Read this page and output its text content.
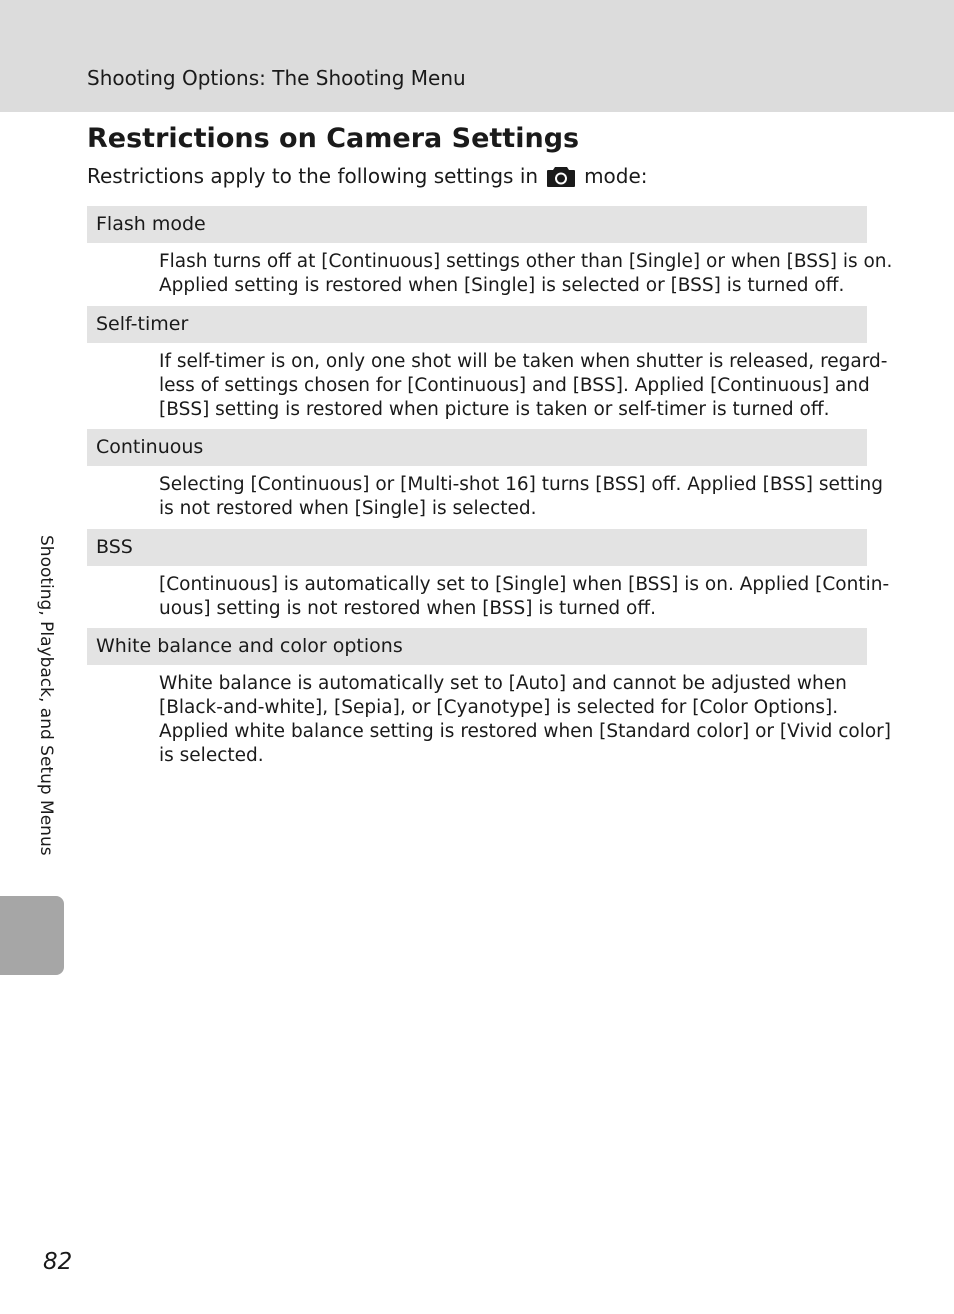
Shooting Options: The Shooting Menu
Restrictions on Camera Settings
Restrictions apply to the following settings in mode:
Flash mode
Flash turns off at [Continuous] settings other than [Single] or when [BSS] is on.
Applied setting is restored when [Single] is selected or [BSS] is turned off.
Self-timer
If self-timer is on, only one shot will be taken when shutter is released, regard-
less of settings chosen for [Continuous] and [BSS]. Applied [Continuous] and
[BSS] setting is restored when picture is taken or self-timer is turned off.
Continuous
Selecting [Continuous] or [Multi-shot 16] turns [BSS] off. Applied [BSS] setting
is not restored when [Single] is selected.
BSS
[Continuous] is automatically set to [Single] when [BSS] is on. Applied [Contin-
uous] setting is not restored when [BSS] is turned off.
White balance and color options
White balance is automatically set to [Auto] and cannot be adjusted when
[Black-and-white], [Sepia], or [Cyanotype] is selected for [Color Options].
Applied white balance setting is restored when [Standard color] or [Vivid color]
is selected.
Shooting, Playback, and Setup Menus
82
